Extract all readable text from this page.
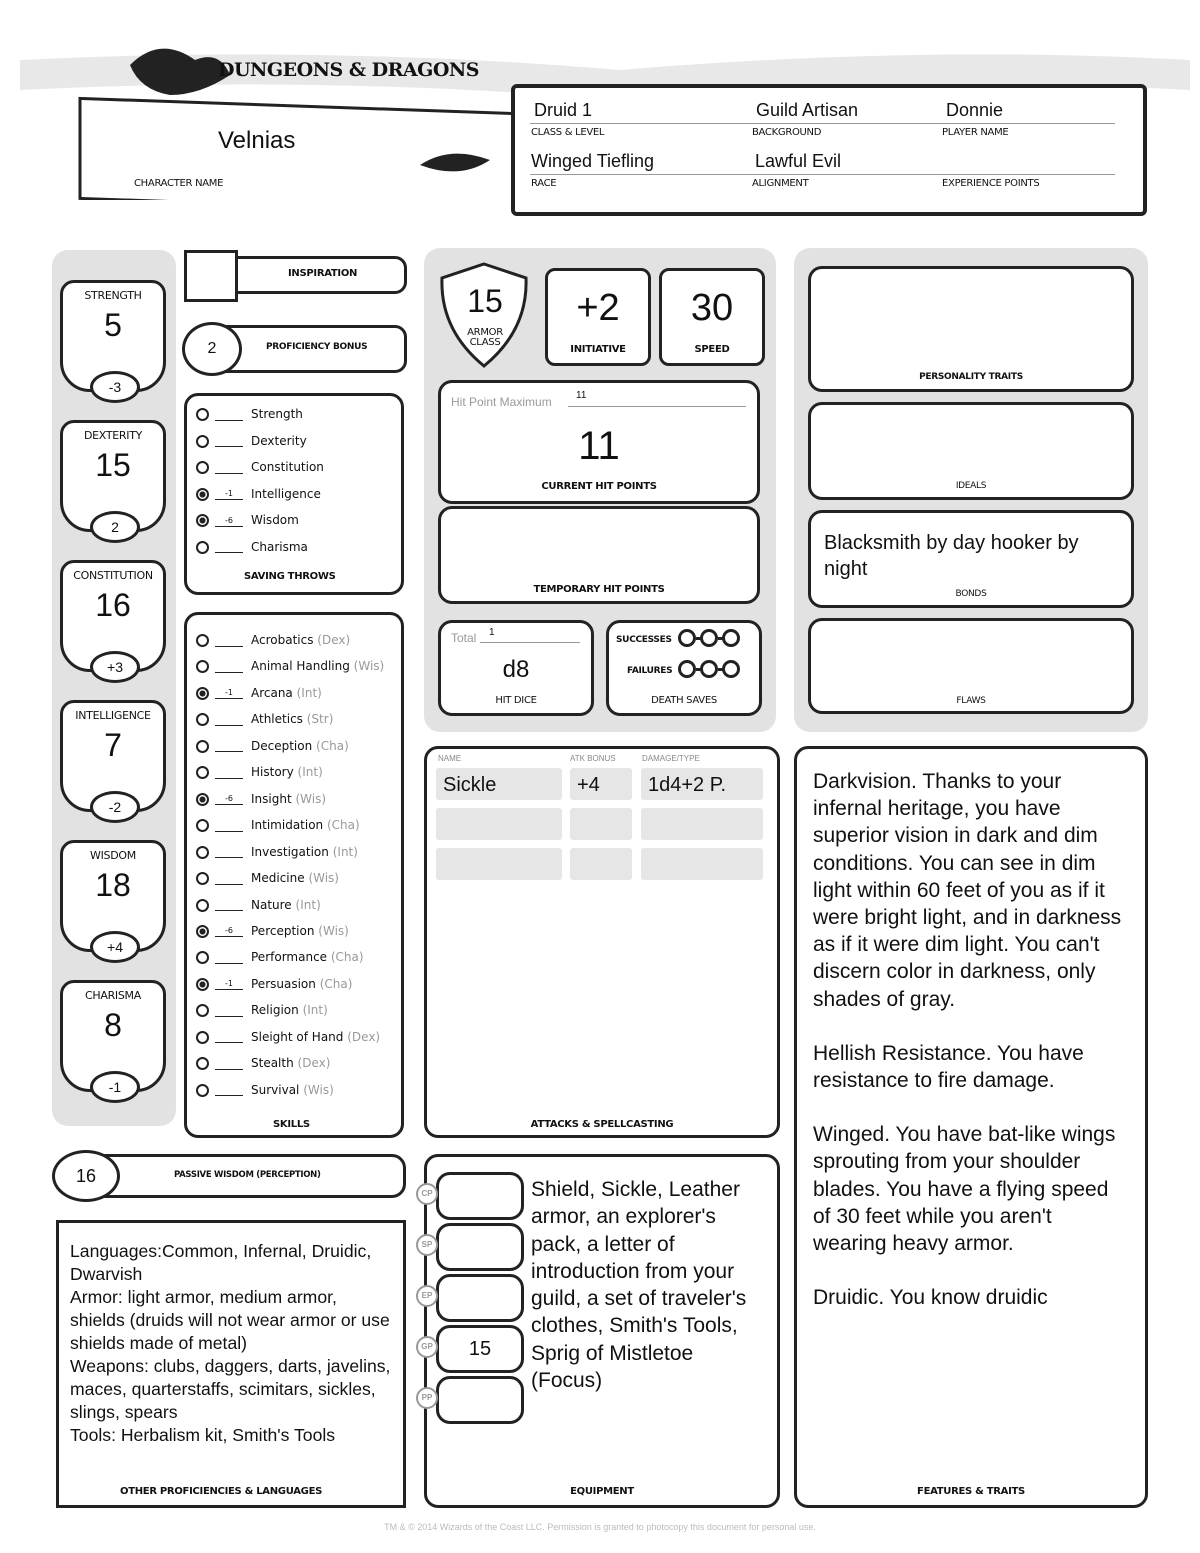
DUNGEONS & DRAGONS
Velnias
CHARACTER NAME
Druid 1
CLASS & LEVEL
Guild Artisan
BACKGROUND
Donnie
PLAYER NAME
Winged Tiefling
RACE
Lawful Evil
ALIGNMENT	EXPERIENCE POINTS
STRENGTH
5
-3
DEXTERITY
15
2
CONSTITUTION
16
+3
INTELLIGENCE
7
-2
WISDOM
18
+4
CHARISMA
8
-1
INSPIRATION
PROFICIENCY BONUS
2
Strength
Dexterity
Constitution
-1 Intelligence
-6 Wisdom
Charisma
SAVING THROWS
Acrobatics (Dex)
Animal Handling (Wis)
-1 Arcana (Int)
Athletics (Str)
Deception (Cha)
History (Int)
-6 Insight (Wis)
Intimidation (Cha)
Investigation (Int)
Medicine (Wis)
Nature (Int)
-6 Perception (Wis)
Performance (Cha)
-1 Persuasion (Cha)
Religion (Int)
Sleight of Hand (Dex)
Stealth (Dex)
Survival (Wis)
SKILLS
PASSIVE WISDOM (PERCEPTION)
16
Languages:Common, Infernal, Druidic, Dwarvish
Armor: light armor, medium armor, shields (druids will not wear armor or use shields made of metal)
Weapons: clubs, daggers, darts, javelins, maces, quarterstaffs, scimitars, sickles, slings, spears
Tools: Herbalism kit, Smith's Tools
OTHER PROFICIENCIES & LANGUAGES
15
ARMOR CLASS
+2
INITIATIVE
30
SPEED
Hit Point Maximum 11
11
CURRENT HIT POINTS
TEMPORARY HIT POINTS
Total 1
d8
HIT DICE
SUCCESSES
FAILURES
DEATH SAVES
NAME	ATK BONUS	DAMAGE/TYPE
Sickle	+4	1d4+2 P.
ATTACKS & SPELLCASTING
CP
SP
EP
15
GP
PP
Shield, Sickle, Leather armor, an explorer's pack, a letter of introduction from your guild, a set of traveler's clothes, Smith's Tools, Sprig of Mistletoe (Focus)
EQUIPMENT
PERSONALITY TRAITS
IDEALS
Blacksmith by day hooker by night
BONDS
FLAWS

Darkvision. Thanks to your infernal heritage, you have superior vision in dark and dim conditions. You can see in dim light within 60 feet of you as if it were bright light, and in darkness as if it were dim light. You can't discern color in darkness, only shades of gray.

Hellish Resistance. You have resistance to fire damage.

Winged. You have bat-like wings sprouting from your shoulder blades. You have a flying speed of 30 feet while you aren't wearing heavy armor.

Druidic. You know druidic

FEATURES & TRAITS
TM & © 2014 Wizards of the Coast LLC. Permission is granted to photocopy this document for personal use.
